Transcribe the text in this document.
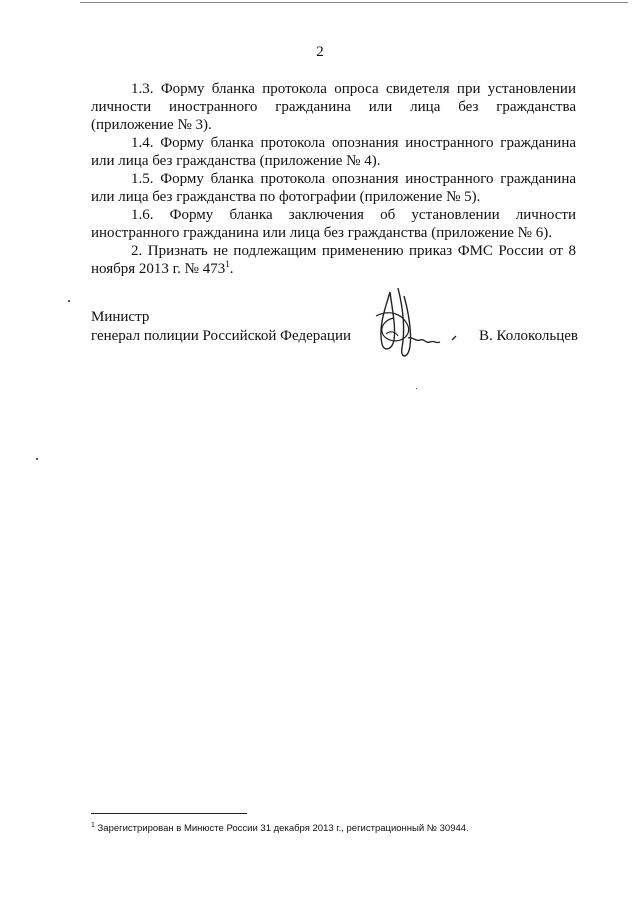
2

1.3. Форму бланка протокола опроса свидетеля при установлении личности иностранного гражданина или лица без гражданства (приложение № 3).

1.4. Форму бланка протокола опознания иностранного гражданина или лица без гражданства (приложение № 4).

1.5. Форму бланка протокола опознания иностранного гражданина или лица без гражданства по фотографии (приложение № 5).

1.6. Форму бланка заключения об установлении личности иностранного гражданина или лица без гражданства (приложение № 6).

2. Признать не подлежащим применению приказ ФМС России от 8 ноября 2013 г. № $473^1$.

Министр
генерал полиции Российской Федерации	В. Колокольцев
$^1$ Зарегистрирован в Минюсте России 31 декабря 2013 г., регистрационный № 30944.
